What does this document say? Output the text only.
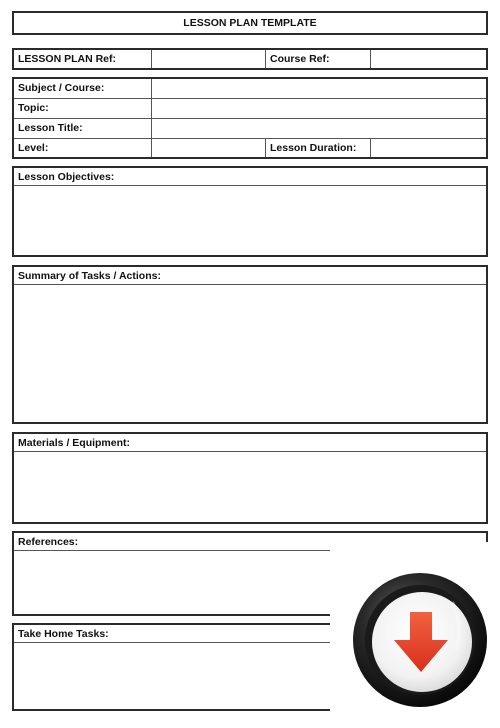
LESSON PLAN TEMPLATE
LESSON PLAN Ref:	Course Ref:
Subject / Course:
Topic:
Lesson Title:
Level:	Lesson Duration:
Lesson Objectives:
Summary of Tasks / Actions:
Materials / Equipment:
References:
Take Home Tasks:
